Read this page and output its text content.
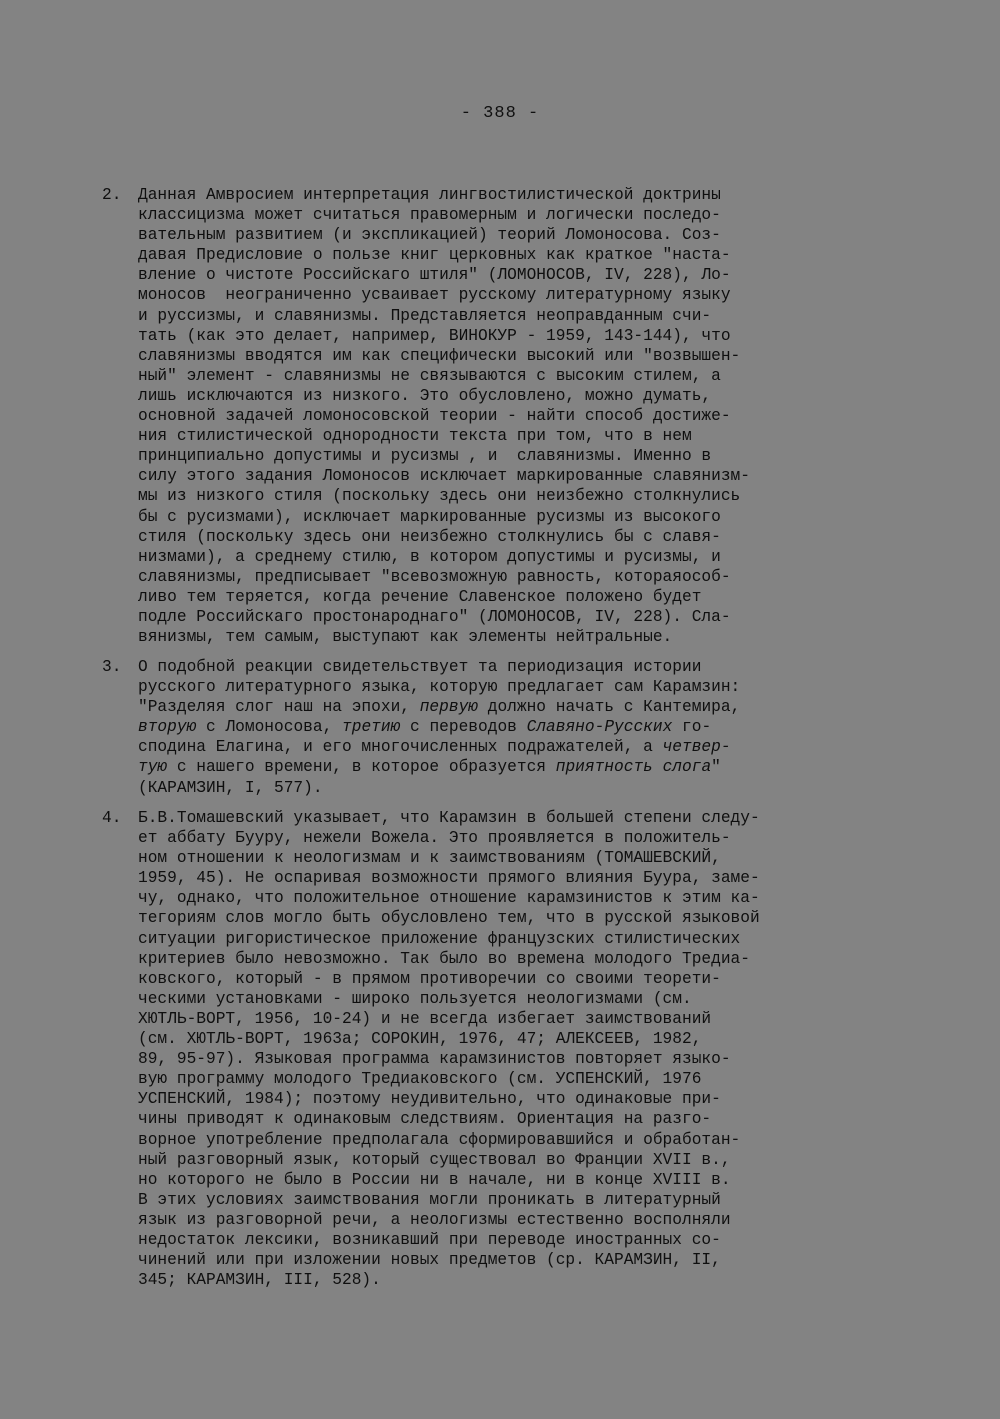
- 388 -
2.	Данная Амвросием интерпретация лингвостилистической доктрины
классицизма может считаться правомерным и логически последо-
вательным развитием (и экспликацией) теорий Ломоносова. Соз-
давая Предисловие о пользе книг церковных как краткое "наста-
вление о чистоте Российскаго штиля" (ЛОМОНОСОВ, IV, 228), Ло-
моносов  неограниченно усваивает русскому литературному языку
и руссизмы, и славянизмы. Представляется неоправданным счи-
тать (как это делает, например, ВИНОКУР - 1959, 143-144), что
славянизмы вводятся им как специфически высокий или "возвышен-
ный" элемент - славянизмы не связываются с высоким стилем, а
лишь исключаются из низкого. Это обусловлено, можно думать,
основной задачей ломоносовской теории - найти способ достиже-
ния стилистической однородности текста при том, что в нем
принципиально допустимы и русизмы , и  славянизмы. Именно в
силу этого задания Ломоносов исключает маркированные славянизм-
мы из низкого стиля (поскольку здесь они неизбежно столкнулись
бы с русизмами), исключает маркированные русизмы из высокого
стиля (поскольку здесь они неизбежно столкнулись бы с славя-
низмами), а среднему стилю, в котором допустимы и русизмы, и
славянизмы, предписывает "всевозможную равность, котораяособ-
ливо тем теряется, когда речение Славенское положено будет
подле Российскаго простонароднаго" (ЛОМОНОСОВ, IV, 228). Сла-
вянизмы, тем самым, выступают как элементы нейтральные.
3.	О подобной реакции свидетельствует та периодизация истории
русского литературного языка, которую предлагает сам Карамзин:
"Разделяя слог наш на эпохи, первую должно начать с Кантемира,
вторую с Ломоносова, третию с переводов Славяно-Русских го-
сподина Елагина, и его многочисленных подражателей, а четвер-
тую с нашего времени, в которое образуется приятность слога"
(КАРАМЗИН, I, 577).
4.	Б.В.Томашевский указывает, что Карамзин в большей степени следу-
ет аббату Бууру, нежели Вожела. Это проявляется в положитель-
ном отношении к неологизмам и к заимствованиям (ТОМАШЕВСКИЙ,
1959, 45). Не оспаривая возможности прямого влияния Буура, заме-
чу, однако, что положительное отношение карамзинистов к этим ка-
тегориям слов могло быть обусловлено тем, что в русской языковой
ситуации ригористическое приложение французских стилистических
критериев было невозможно. Так было во времена молодого Тредиа-
ковского, который - в прямом противоречии со своими теорети-
ческими установками - широко пользуется неологизмами (см.
ХЮТЛЬ-ВОРТ, 1956, 10-24) и не всегда избегает заимствований
(см. ХЮТЛЬ-ВОРТ, 1963а; СОРОКИН, 1976, 47; АЛЕКСЕЕВ, 1982,
89, 95-97). Языковая программа карамзинистов повторяет языко-
вую программу молодого Тредиаковского (см. УСПЕНСКИЙ, 1976
УСПЕНСКИЙ, 1984); поэтому неудивительно, что одинаковые при-
чины приводят к одинаковым следствиям. Ориентация на разго-
ворное употребление предполагала сформировавшийся и обработан-
ный разговорный язык, который существовал во Франции XVII в.,
но которого не было в России ни в начале, ни в конце XVIII в.
В этих условиях заимствования могли проникать в литературный
язык из разговорной речи, а неологизмы естественно восполняли
недостаток лексики, возникавший при переводе иностранных со-
чинений или при изложении новых предметов (ср. КАРАМЗИН, II,
345; КАРАМЗИН, III, 528).
